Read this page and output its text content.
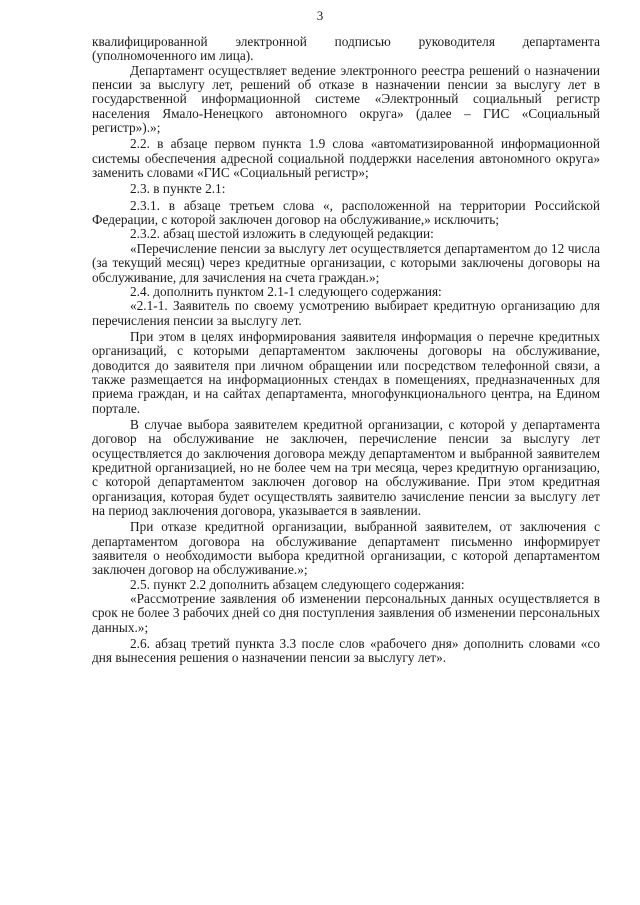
3

квалифицированной электронной подписью руководителя департамента (уполномоченного им лица).

Департамент осуществляет ведение электронного реестра решений о назначении пенсии за выслугу лет, решений об отказе в назначении пенсии за выслугу лет в государственной информационной системе «Электронный социальный регистр населения Ямало-Ненецкого автономного округа» (далее – ГИС «Социальный регистр»).»;

2.2. в абзаце первом пункта 1.9 слова «автоматизированной информационной системы обеспечения адресной социальной поддержки населения автономного округа» заменить словами «ГИС «Социальный регистр»;

2.3. в пункте 2.1:

2.3.1. в абзаце третьем слова «, расположенной на территории Российской Федерации, с которой заключен договор на обслуживание,» исключить;

2.3.2. абзац шестой изложить в следующей редакции:

«Перечисление пенсии за выслугу лет осуществляется департаментом до 12 числа (за текущий месяц) через кредитные организации, с которыми заключены договоры на обслуживание, для зачисления на счета граждан.»;

2.4. дополнить пунктом 2.1-1 следующего содержания:

«2.1-1. Заявитель по своему усмотрению выбирает кредитную организацию для перечисления пенсии за выслугу лет.

При этом в целях информирования заявителя информация о перечне кредитных организаций, с которыми департаментом заключены договоры на обслуживание, доводится до заявителя при личном обращении или посредством телефонной связи, а также размещается на информационных стендах в помещениях, предназначенных для приема граждан, и на сайтах департамента, многофункционального центра, на Едином портале.

В случае выбора заявителем кредитной организации, с которой у департамента договор на обслуживание не заключен, перечисление пенсии за выслугу лет осуществляется до заключения договора между департаментом и выбранной заявителем кредитной организацией, но не более чем на три месяца, через кредитную организацию, с которой департаментом заключен договор на обслуживание. При этом кредитная организация, которая будет осуществлять заявителю зачисление пенсии за выслугу лет на период заключения договора, указывается в заявлении.

При отказе кредитной организации, выбранной заявителем, от заключения с департаментом договора на обслуживание департамент письменно информирует заявителя о необходимости выбора кредитной организации, с которой департаментом заключен договор на обслуживание.»;

2.5. пункт 2.2 дополнить абзацем следующего содержания:

«Рассмотрение заявления об изменении персональных данных осуществляется в срок не более 3 рабочих дней со дня поступления заявления об изменении персональных данных.»;

2.6. абзац третий пункта 3.3 после слов «рабочего дня» дополнить словами «со дня вынесения решения о назначении пенсии за выслугу лет».
